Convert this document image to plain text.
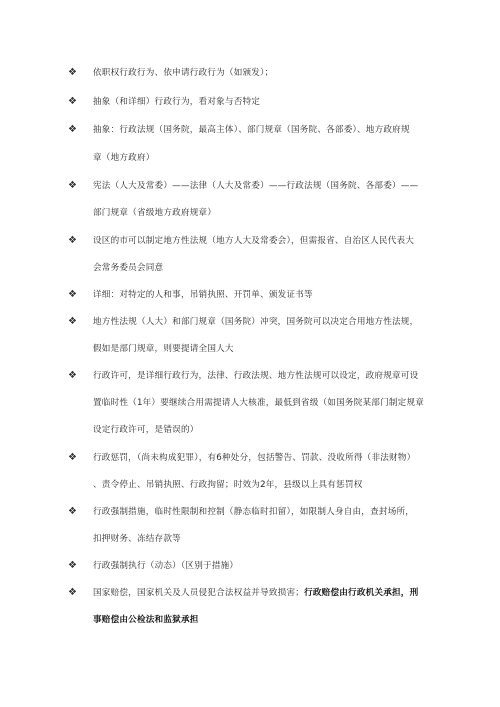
❖ 依职权行政行为、依申请行政行为（如颁发）；
❖ 抽象（和详细）行政行为，看对象与否特定
❖ 抽象：行政法规（国务院，最高主体）、部门规章（国务院、各部委）、地方政府规
章（地方政府）
❖ 宪法（人大及常委）——法律（人大及常委）——行政法规（国务院、各部委）——
部门规章（省级地方政府规章）
❖ 设区的市可以制定地方性法规（地方人大及常委会），但需报省、自治区人民代表大
会常务委员会同意
❖ 详细：对特定的人和事，吊销执照、开罚单、颁发证书等
❖ 地方性法规（人大）和部门规章（国务院）冲突，国务院可以决定合用地方性法规，
假如是部门规章，则要提请全国人大
❖ 行政许可，是详细行政行为，法律、行政法规、地方性法规可以设定，政府规章可设
置临时性（1年）要继续合用需提请人大核准，最低到省级（如国务院某部门制定规章
设定行政许可，是错误的）
❖ 行政惩罚，（尚未构成犯罪），有6种处分，包括警告、罚款、没收所得（非法财物）
、责令停止、吊销执照、行政拘留；时效为2年，县级以上具有惩罚权
❖ 行政强制措施，临时性限制和控制（静态临时扣留），如限制人身自由，查封场所，
扣押财务、冻结存款等
❖ 行政强制执行（动态）（区别于措施）
❖ 国家赔偿，国家机关及人员侵犯合法权益并导致损害；行政赔偿由行政机关承担，刑
事赔偿由公检法和监狱承担
